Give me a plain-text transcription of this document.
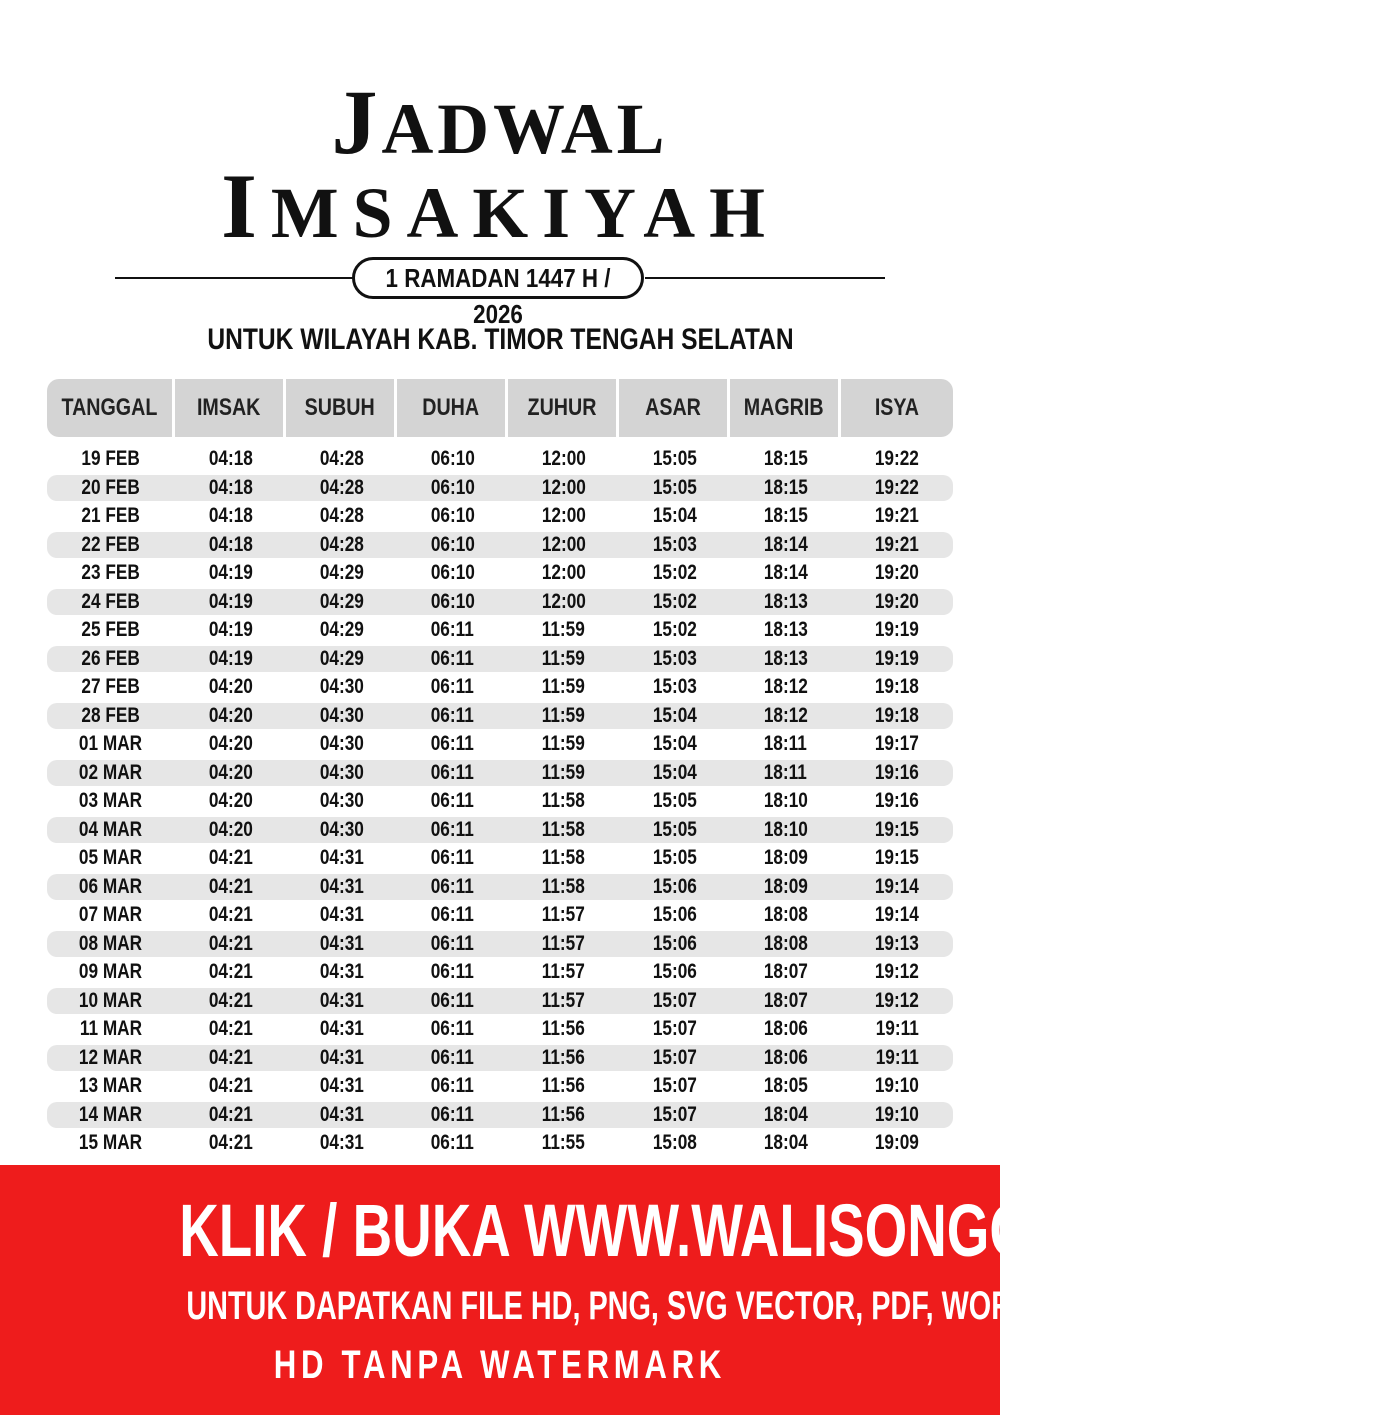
JADWAL
IMSAKIYAH
1 RAMADAN 1447 H / 2026
UNTUK WILAYAH KAB. TIMOR TENGAH SELATAN
TANGGAL	IMSAK	SUBUH	DUHA	ZUHUR	ASAR	MAGRIB	ISYA
19 FEB	04:18	04:28	06:10	12:00	15:05	18:15	19:22
20 FEB	04:18	04:28	06:10	12:00	15:05	18:15	19:22
21 FEB	04:18	04:28	06:10	12:00	15:04	18:15	19:21
22 FEB	04:18	04:28	06:10	12:00	15:03	18:14	19:21
23 FEB	04:19	04:29	06:10	12:00	15:02	18:14	19:20
24 FEB	04:19	04:29	06:10	12:00	15:02	18:13	19:20
25 FEB	04:19	04:29	06:11	11:59	15:02	18:13	19:19
26 FEB	04:19	04:29	06:11	11:59	15:03	18:13	19:19
27 FEB	04:20	04:30	06:11	11:59	15:03	18:12	19:18
28 FEB	04:20	04:30	06:11	11:59	15:04	18:12	19:18
01 MAR	04:20	04:30	06:11	11:59	15:04	18:11	19:17
02 MAR	04:20	04:30	06:11	11:59	15:04	18:11	19:16
03 MAR	04:20	04:30	06:11	11:58	15:05	18:10	19:16
04 MAR	04:20	04:30	06:11	11:58	15:05	18:10	19:15
05 MAR	04:21	04:31	06:11	11:58	15:05	18:09	19:15
06 MAR	04:21	04:31	06:11	11:58	15:06	18:09	19:14
07 MAR	04:21	04:31	06:11	11:57	15:06	18:08	19:14
08 MAR	04:21	04:31	06:11	11:57	15:06	18:08	19:13
09 MAR	04:21	04:31	06:11	11:57	15:06	18:07	19:12
10 MAR	04:21	04:31	06:11	11:57	15:07	18:07	19:12
11 MAR	04:21	04:31	06:11	11:56	15:07	18:06	19:11
12 MAR	04:21	04:31	06:11	11:56	15:07	18:06	19:11
13 MAR	04:21	04:31	06:11	11:56	15:07	18:05	19:10
14 MAR	04:21	04:31	06:11	11:56	15:07	18:04	19:10
15 MAR	04:21	04:31	06:11	11:55	15:08	18:04	19:09
KLIK / BUKA WWW.WALISONGO.CO.ID
UNTUK DAPATKAN FILE HD, PNG, SVG VECTOR, PDF, WORD, EXCEL
HD TANPA WATERMARK
